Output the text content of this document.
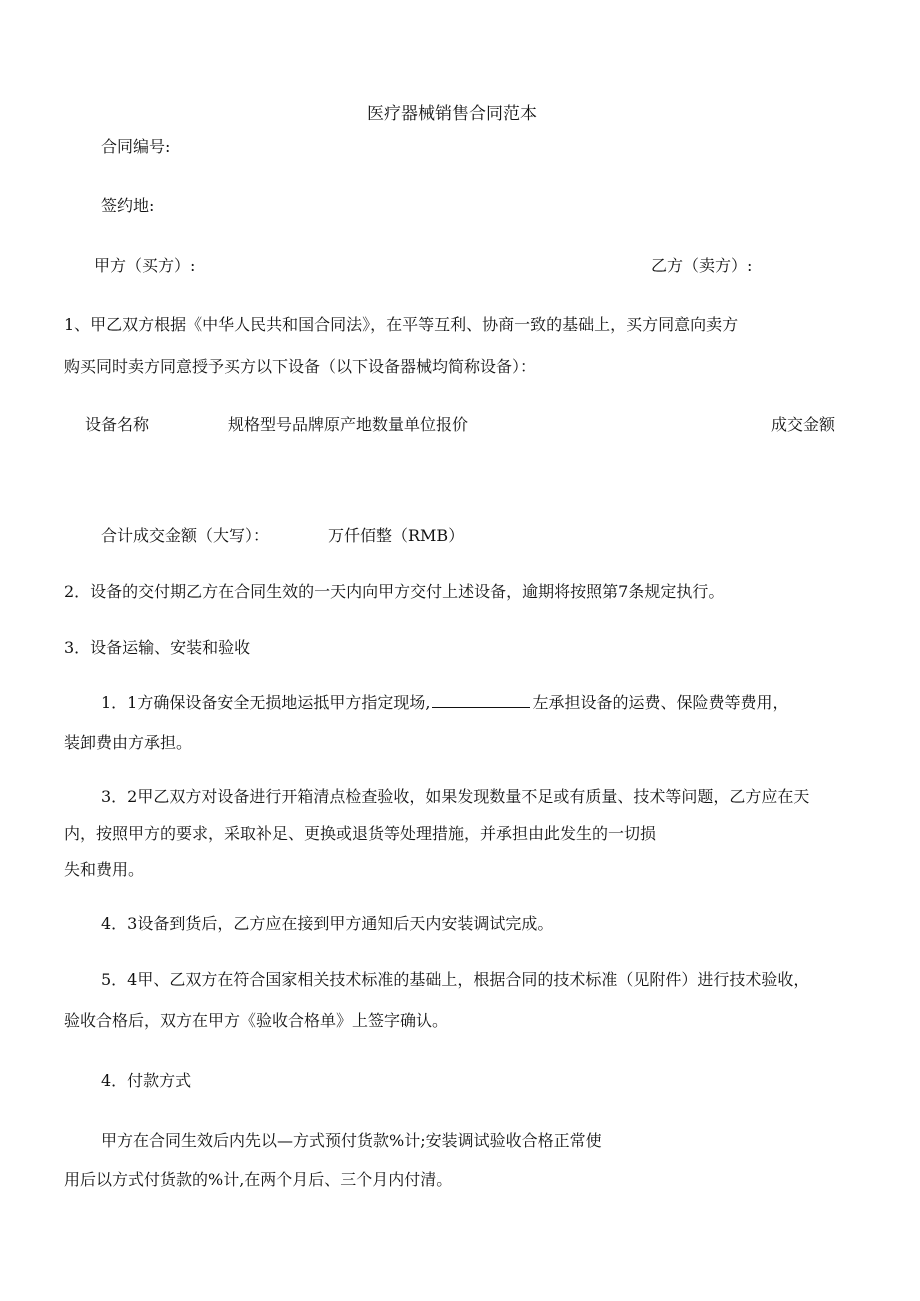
医疗器械销售合同范本
合同编号:
签约地:
甲方（买方）:	乙方（卖方）:
1、甲乙双方根据《中华人民共和国合同法》，在平等互利、协商一致的基础上，买方同意向卖方
购买同时卖方同意授予买方以下设备（以下设备器械均简称设备）：
设备名称	规格型号品牌原产地数量单位报价	成交金额
合计成交金额（大写）：	万仟佰整（RMB）
2．设备的交付期乙方在合同生效的一天内向甲方交付上述设备，逾期将按照第7条规定执行。
3．设备运输、安装和验收
1．1方确保设备安全无损地运抵甲方指定现场,	左承担设备的运费、保险费等费用，
装卸费由方承担。
3．2甲乙双方对设备进行开箱清点检查验收，如果发现数量不足或有质量、技术等问题，乙方应在天
内，按照甲方的要求，采取补足、更换或退货等处理措施，并承担由此发生的一切损
失和费用。
4．3设备到货后，乙方应在接到甲方通知后天内安装调试完成。
5．4甲、乙双方在符合国家相关技术标准的基础上，根据合同的技术标准（见附件）进行技术验收，
验收合格后，双方在甲方《验收合格单》上签字确认。
4．付款方式
甲方在合同生效后内先以—方式预付货款%计;安装调试验收合格正常使
用后以方式付货款的%计,在两个月后、三个月内付清。
